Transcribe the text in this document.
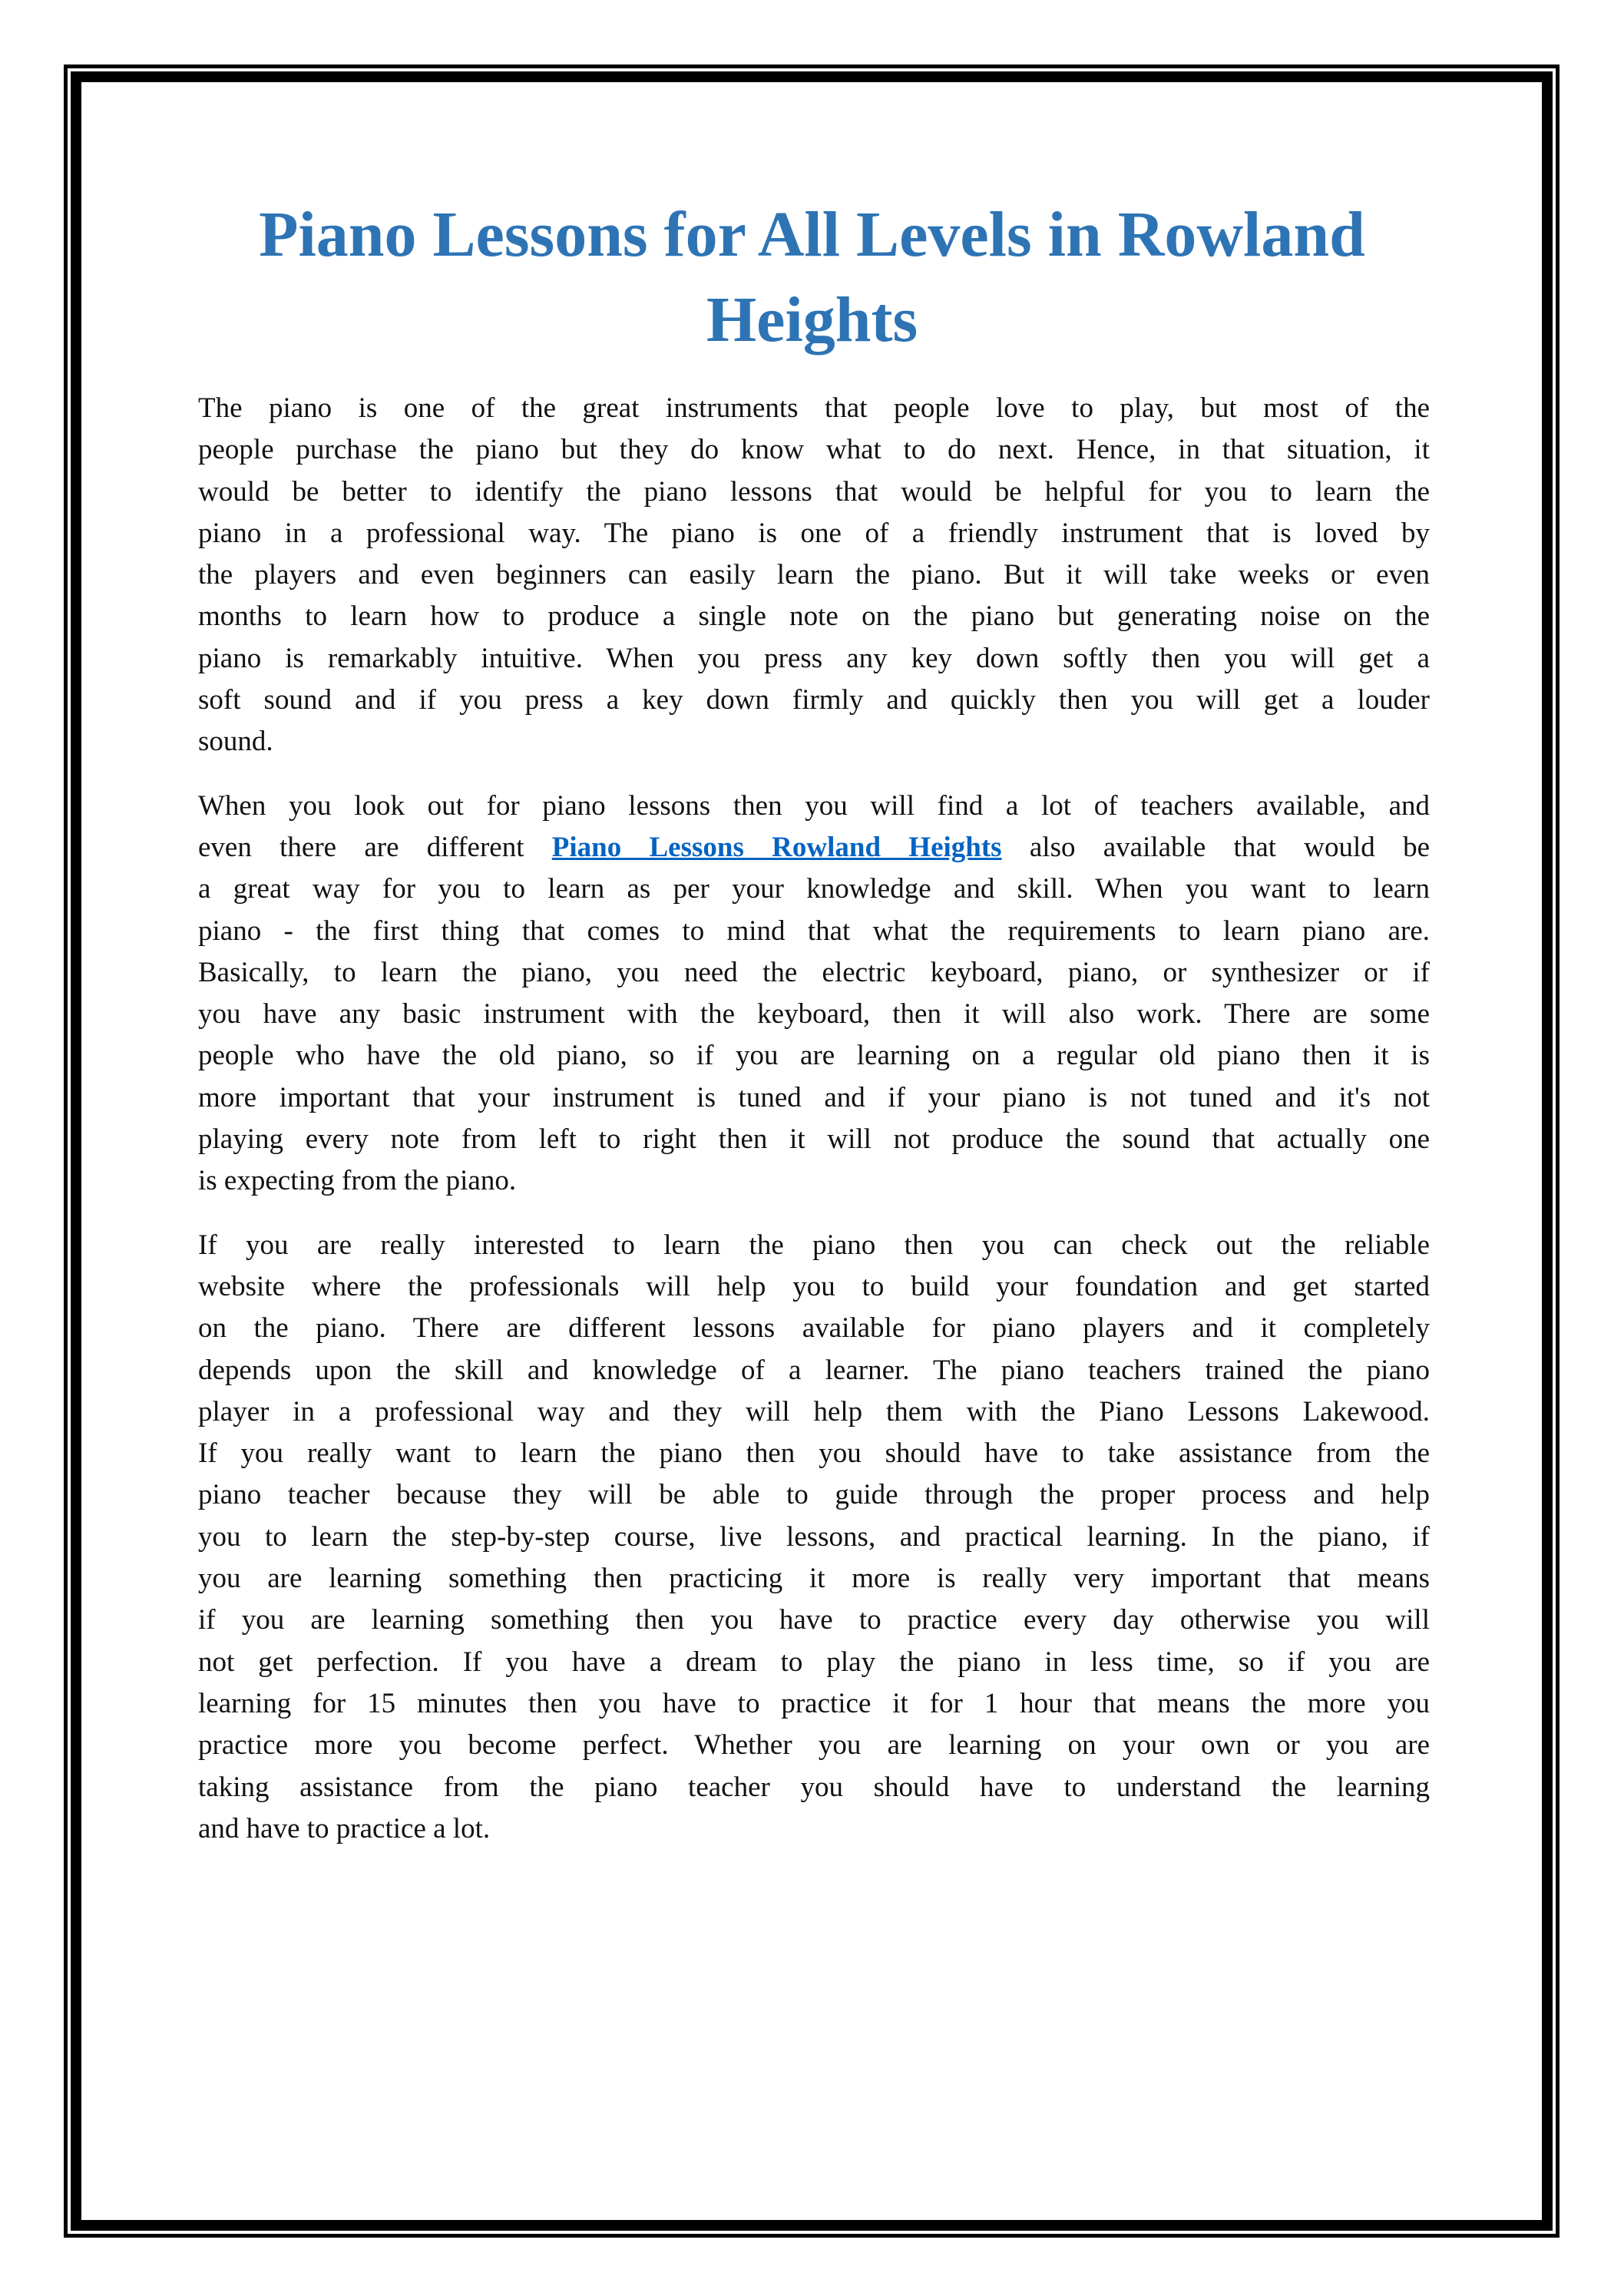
Piano Lessons for All Levels in Rowland Heights
The piano is one of the great instruments that people love to play, but most of the
people purchase the piano but they do know what to do next. Hence, in that situation, it
would be better to identify the piano lessons that would be helpful for you to learn the
piano in a professional way. The piano is one of a friendly instrument that is loved by
the players and even beginners can easily learn the piano. But it will take weeks or even
months to learn how to produce a single note on the piano but generating noise on the
piano is remarkably intuitive. When you press any key down softly then you will get a
soft sound and if you press a key down firmly and quickly then you will get a louder
sound.
When you look out for piano lessons then you will find a lot of teachers available, and
even there are different Piano Lessons Rowland Heights also available that would be
a great way for you to learn as per your knowledge and skill. When you want to learn
piano - the first thing that comes to mind that what the requirements to learn piano are.
Basically, to learn the piano, you need the electric keyboard, piano, or synthesizer or if
you have any basic instrument with the keyboard, then it will also work. There are some
people who have the old piano, so if you are learning on a regular old piano then it is
more important that your instrument is tuned and if your piano is not tuned and it's not
playing every note from left to right then it will not produce the sound that actually one
is expecting from the piano.
If you are really interested to learn the piano then you can check out the reliable
website where the professionals will help you to build your foundation and get started
on the piano. There are different lessons available for piano players and it completely
depends upon the skill and knowledge of a learner. The piano teachers trained the piano
player in a professional way and they will help them with the Piano Lessons Lakewood.
If you really want to learn the piano then you should have to take assistance from the
piano teacher because they will be able to guide through the proper process and help
you to learn the step-by-step course, live lessons, and practical learning. In the piano, if
you are learning something then practicing it more is really very important that means
if you are learning something then you have to practice every day otherwise you will
not get perfection. If you have a dream to play the piano in less time, so if you are
learning for 15 minutes then you have to practice it for 1 hour that means the more you
practice more you become perfect. Whether you are learning on your own or you are
taking assistance from the piano teacher you should have to understand the learning
and have to practice a lot.
